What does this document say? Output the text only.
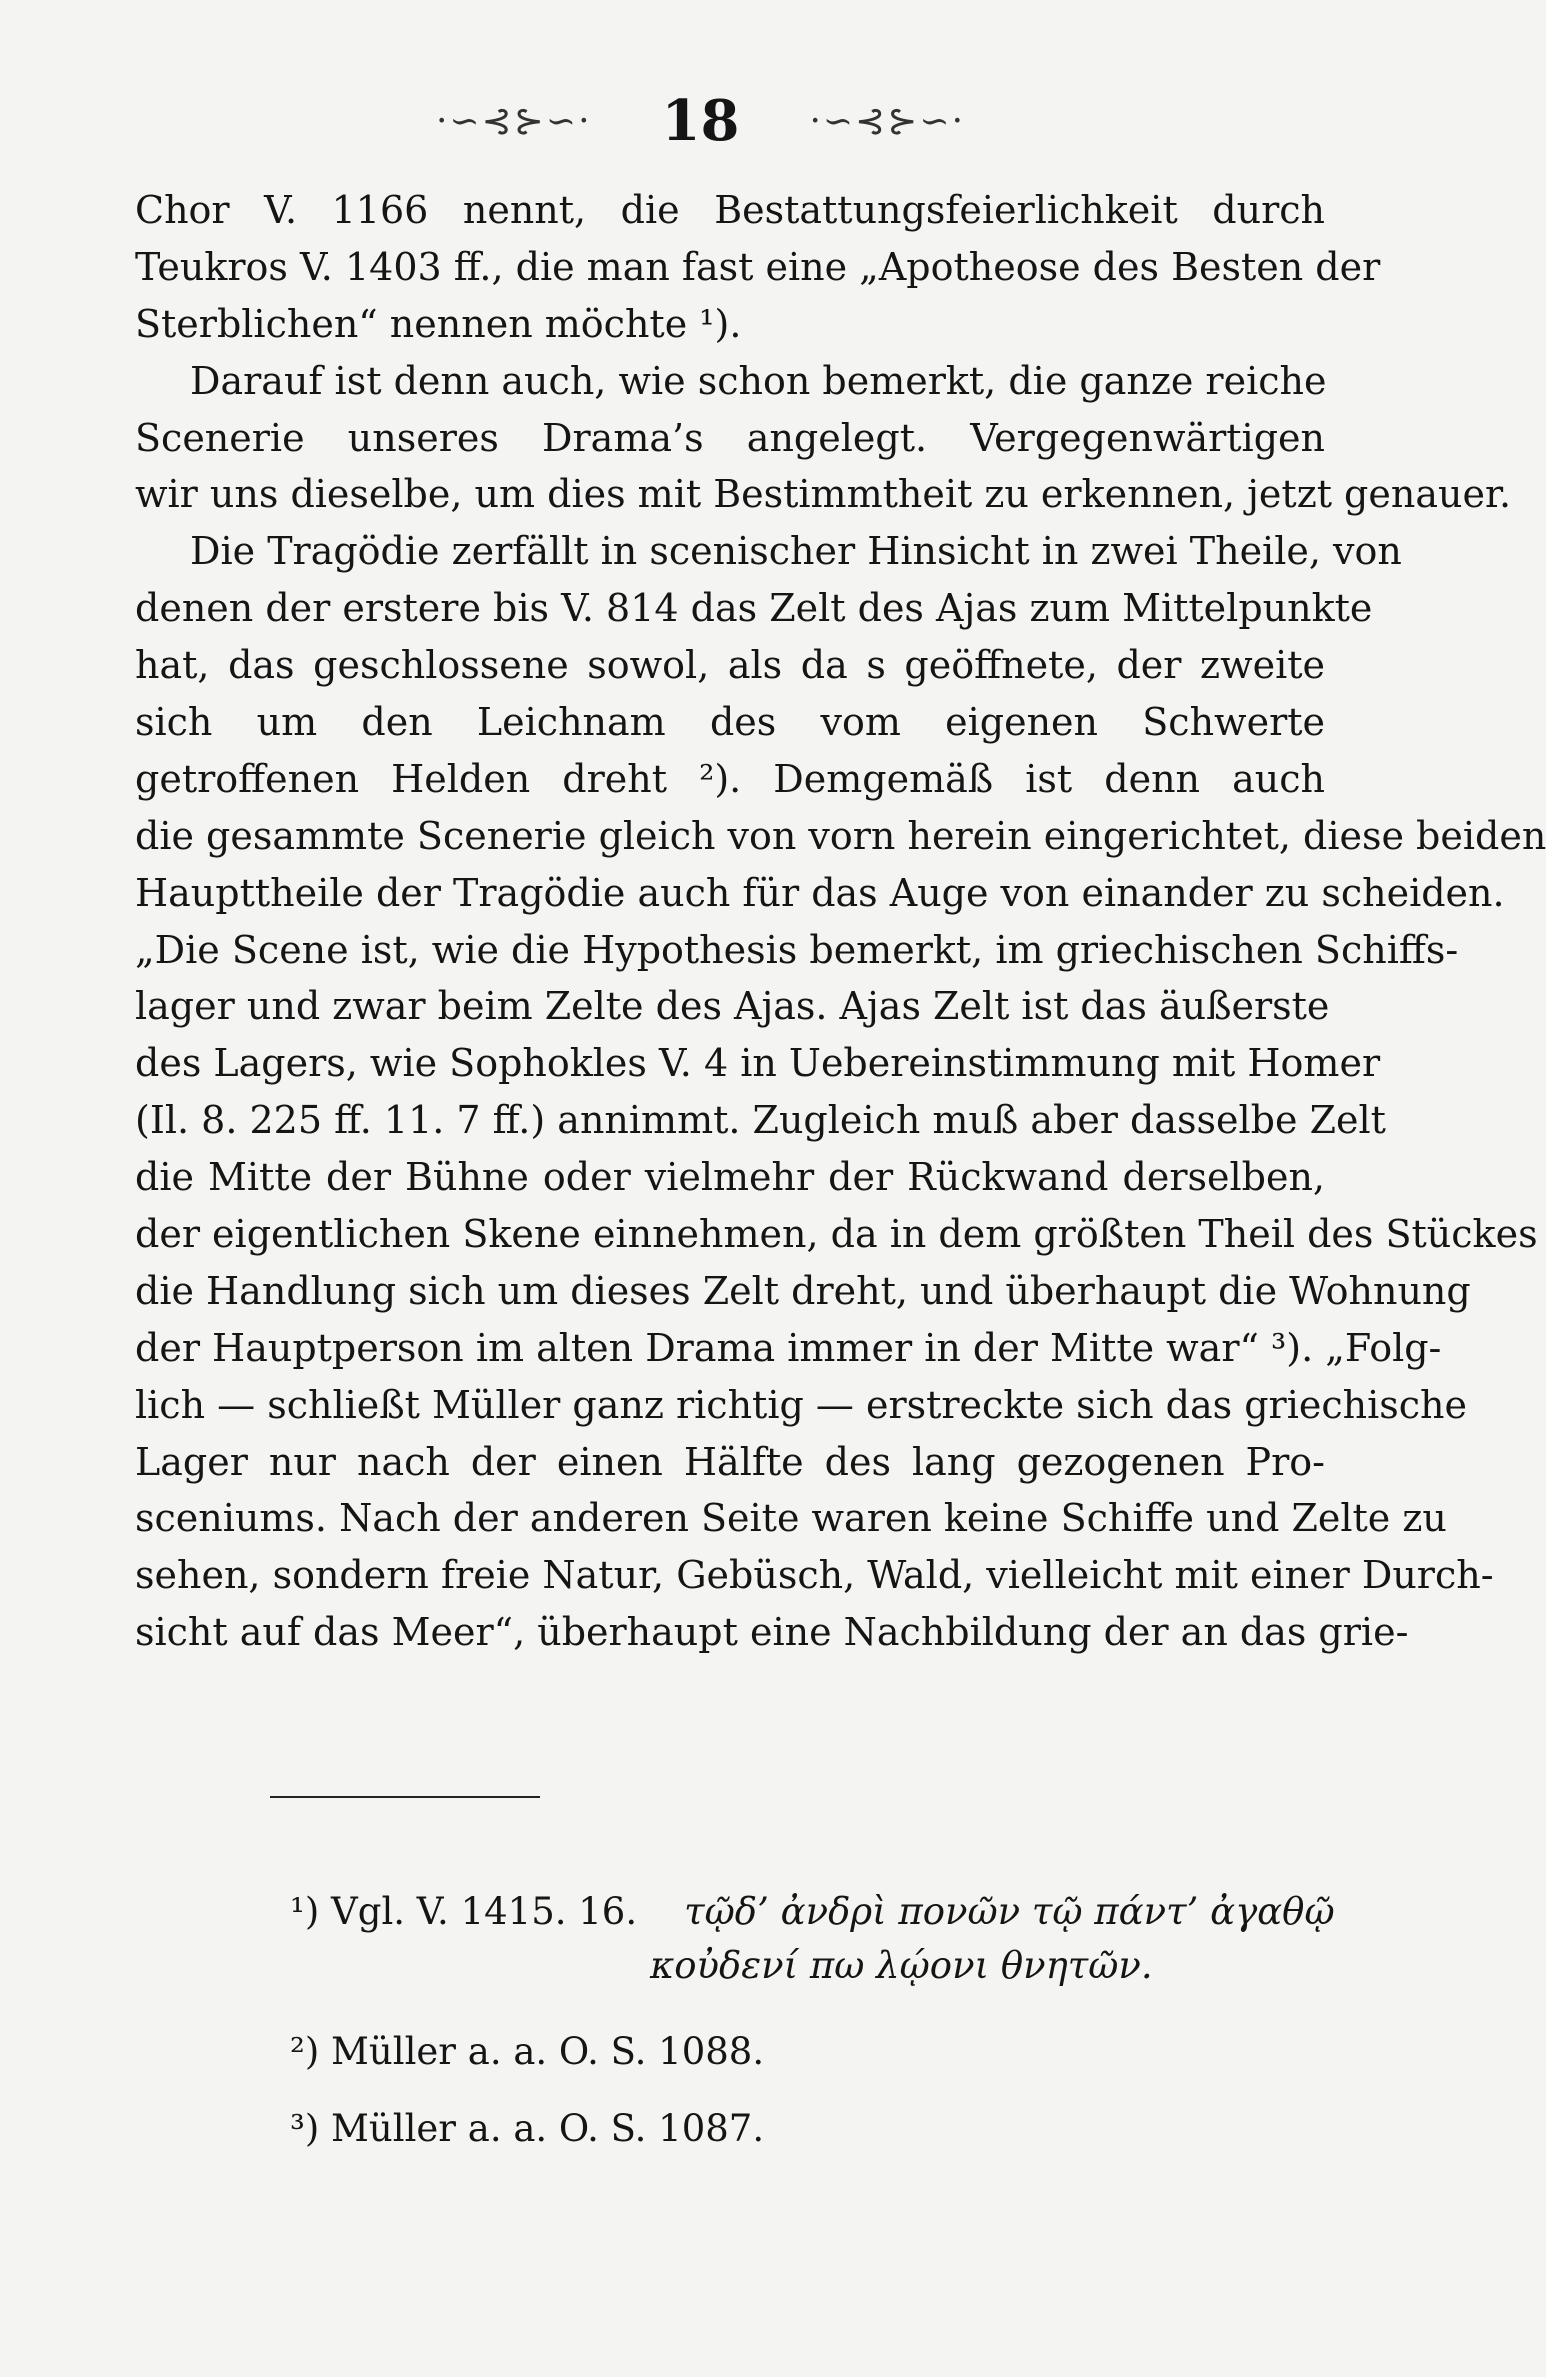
·∽⊰⊱∽· 18 ·∽⊰⊱∽·
Chor V. 1166 nennt, die Bestattungsfeierlichkeit durch
Teukros V. 1403 ff., die man fast eine „Apotheose des Besten der
Sterblichen“ nennen möchte ¹).
Darauf ist denn auch, wie schon bemerkt, die ganze reiche
Scenerie unseres Drama’s angelegt. Vergegenwärtigen
wir uns dieselbe, um dies mit Bestimmtheit zu erkennen, jetzt genauer.
Die Tragödie zerfällt in scenischer Hinsicht in zwei Theile, von
denen der erstere bis V. 814 das Zelt des Ajas zum Mittelpunkte
hat, das geschlossene sowol, als da s geöffnete, der zweite
sich um den Leichnam des vom eigenen Schwerte
getroffenen Helden dreht ²). Demgemäß ist denn auch
die gesammte Scenerie gleich von vorn herein eingerichtet, diese beiden
Haupttheile der Tragödie auch für das Auge von einander zu scheiden.
„Die Scene ist, wie die Hypothesis bemerkt, im griechischen Schiffs-
lager und zwar beim Zelte des Ajas. Ajas Zelt ist das äußerste
des Lagers, wie Sophokles V. 4 in Uebereinstimmung mit Homer
(Il. 8. 225 ff. 11. 7 ff.) annimmt. Zugleich muß aber dasselbe Zelt
die Mitte der Bühne oder vielmehr der Rückwand derselben,
der eigentlichen Skene einnehmen, da in dem größten Theil des Stückes
die Handlung sich um dieses Zelt dreht, und überhaupt die Wohnung
der Hauptperson im alten Drama immer in der Mitte war“ ³). „Folg-
lich — schließt Müller ganz richtig — erstreckte sich das griechische
Lager nur nach der einen Hälfte des lang gezogenen Pro-
sceniums. Nach der anderen Seite waren keine Schiffe und Zelte zu
sehen, sondern freie Natur, Gebüsch, Wald, vielleicht mit einer Durch-
sicht auf das Meer“, überhaupt eine Nachbildung der an das grie-
¹) Vgl. V. 1415. 16. τῷδ’ ἀνδρὶ πονῶν τῷ πάντ’ ἀγαθῷ
κοὐδενί πω λῴονι θνητῶν.
²) Müller a. a. O. S. 1088.
³) Müller a. a. O. S. 1087.
